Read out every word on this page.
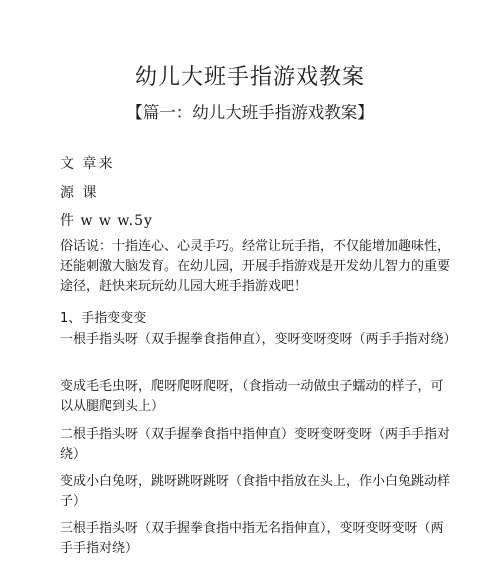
幼儿大班手指游戏教案
【篇一：幼儿大班手指游戏教案】
文 章来
源 课
件 w w w.5y
俗话说：十指连心、心灵手巧。经常让玩手指，不仅能增加趣味性，还能刺激大脑发育。在幼儿园，开展手指游戏是开发幼儿智力的重要途径，赶快来玩玩幼儿园大班手指游戏吧！
1、手指变变变
一根手指头呀（双手握拳食指伸直），变呀变呀变呀（两手手指对绕）
变成毛毛虫呀，爬呀爬呀爬呀，（食指动一动做虫子蠕动的样子，可以从腿爬到头上）
二根手指头呀（双手握拳食指中指伸直）变呀变呀变呀（两手手指对绕）
变成小白兔呀，跳呀跳呀跳呀（食指中指放在头上，作小白兔跳动样子）
三根手指头呀（双手握拳食指中指无名指伸直），变呀变呀变呀（两手手指对绕）
